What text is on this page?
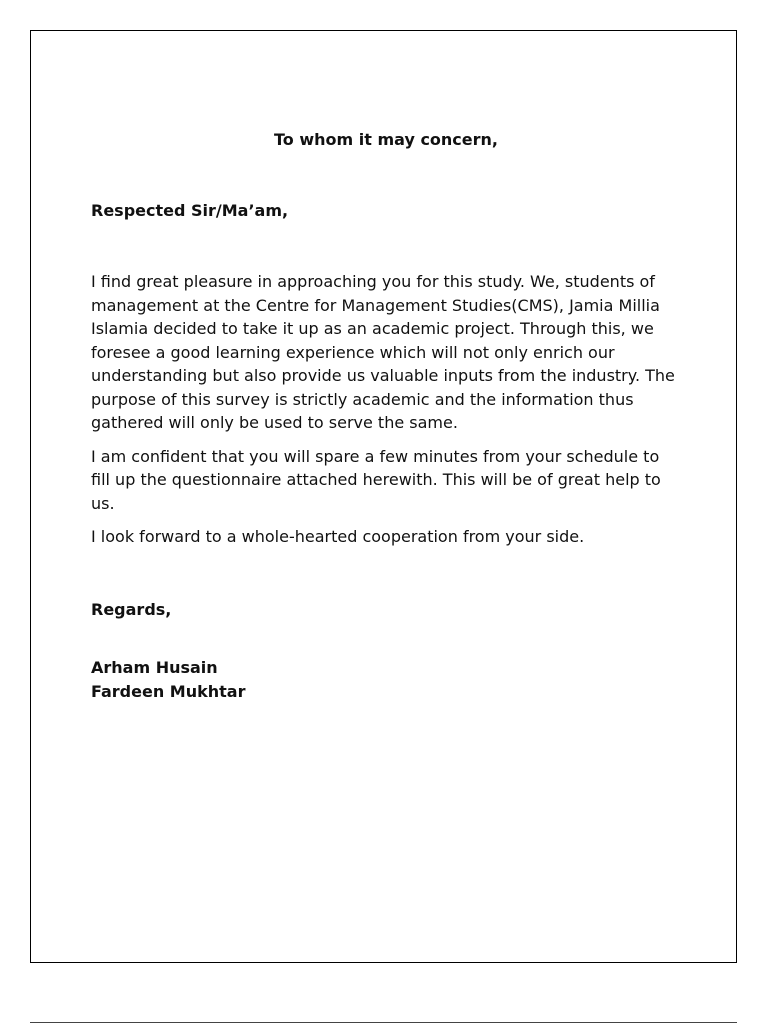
To whom it may concern,
Respected Sir/Ma’am,

I find great pleasure in approaching you for this study. We, students of management at the Centre for Management Studies(CMS), Jamia Millia Islamia decided to take it up as an academic project. Through this, we foresee a good learning experience which will not only enrich our understanding but also provide us valuable inputs from the industry. The purpose of this survey is strictly academic and the information thus gathered will only be used to serve the same.

I am confident that you will spare a few minutes from your schedule to fill up the questionnaire attached herewith. This will be of great help to us.

I look forward to a whole-hearted cooperation from your side.

Regards,
Arham Husain
Fardeen Mukhtar
